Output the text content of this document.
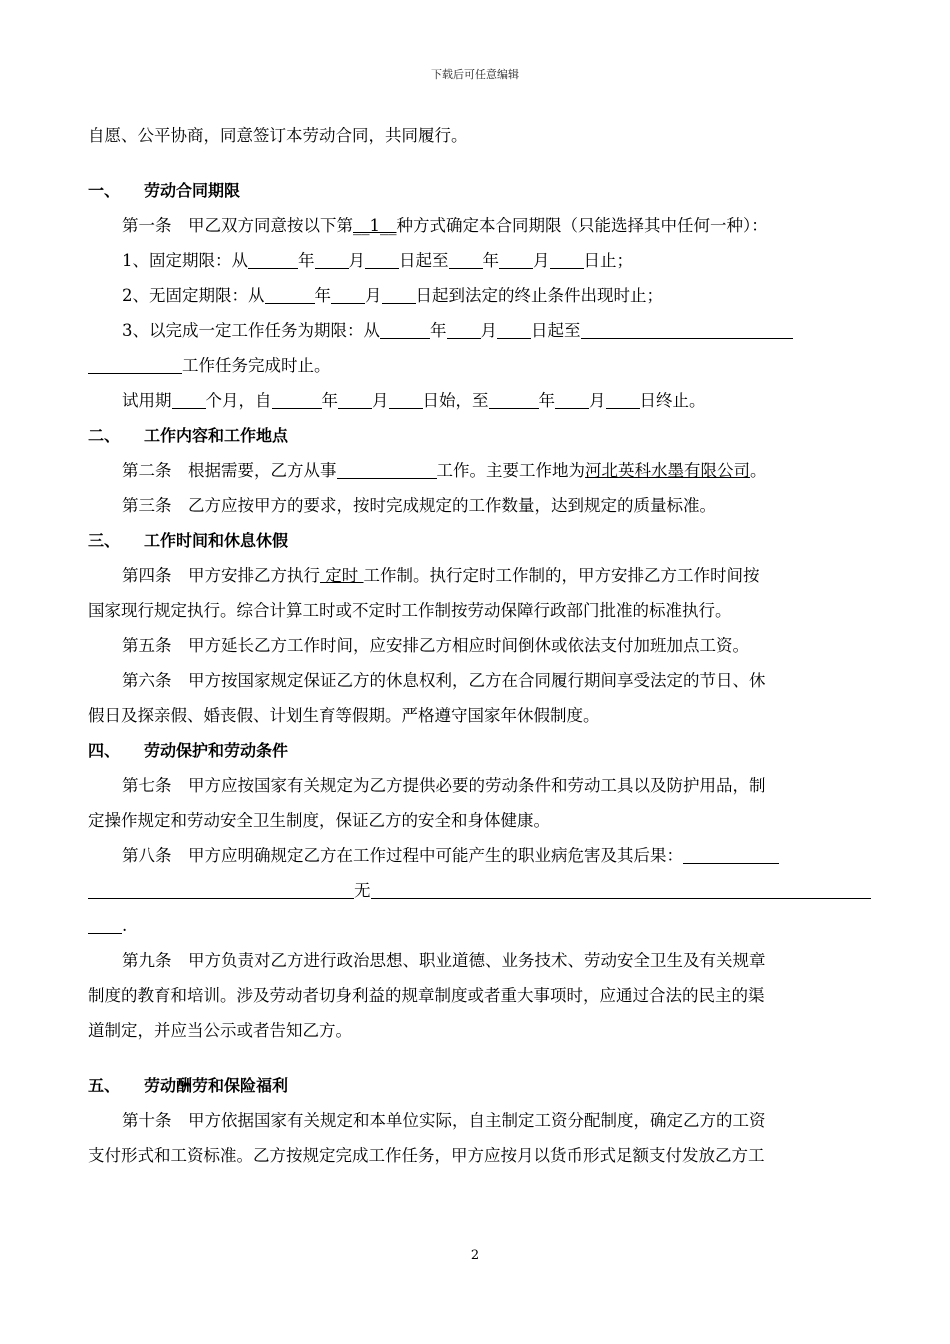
下载后可任意编辑
自愿、公平协商，同意签订本劳动合同，共同履行。
一、 劳动合同期限
第一条　甲乙双方同意按以下第__1__种方式确定本合同期限（只能选择其中任何一种）：
1、固定期限：从	年 月 日起至 年 月 日止；
2、无固定期限：从	年 月 日起到法定的终止条件出现时止；
3、以完成一定工作任务为期限：从	年 月 日起至
工作任务完成时止。
试用期 个月，自	年 月 日始，至	年 月 日终止。
二、 工作内容和工作地点
第二条　根据需要，乙方从事	工作。主要工作地为河北英科水墨有限公司。
第三条　乙方应按甲方的要求，按时完成规定的工作数量，达到规定的质量标准。
三、 工作时间和休息休假
第四条　甲方安排乙方执行 定时 工作制。执行定时工作制的，甲方安排乙方工作时间按
国家现行规定执行。综合计算工时或不定时工作制按劳动保障行政部门批准的标准执行。
第五条　甲方延长乙方工作时间，应安排乙方相应时间倒休或依法支付加班加点工资。
第六条　甲方按国家规定保证乙方的休息权利，乙方在合同履行期间享受法定的节日、休
假日及探亲假、婚丧假、计划生育等假期。严格遵守国家年休假制度。
四、 劳动保护和劳动条件
第七条　甲方应按国家有关规定为乙方提供必要的劳动条件和劳动工具以及防护用品，制
定操作规定和劳动安全卫生制度，保证乙方的安全和身体健康。
第八条　甲方应明确规定乙方在工作过程中可能产生的职业病危害及其后果：
无
.
第九条　甲方负责对乙方进行政治思想、职业道德、业务技术、劳动安全卫生及有关规章
制度的教育和培训。涉及劳动者切身利益的规章制度或者重大事项时，应通过合法的民主的渠
道制定，并应当公示或者告知乙方。
五、 劳动酬劳和保险福利
第十条　甲方依据国家有关规定和本单位实际，自主制定工资分配制度，确定乙方的工资
支付形式和工资标准。乙方按规定完成工作任务，甲方应按月以货币形式足额支付发放乙方工
2
